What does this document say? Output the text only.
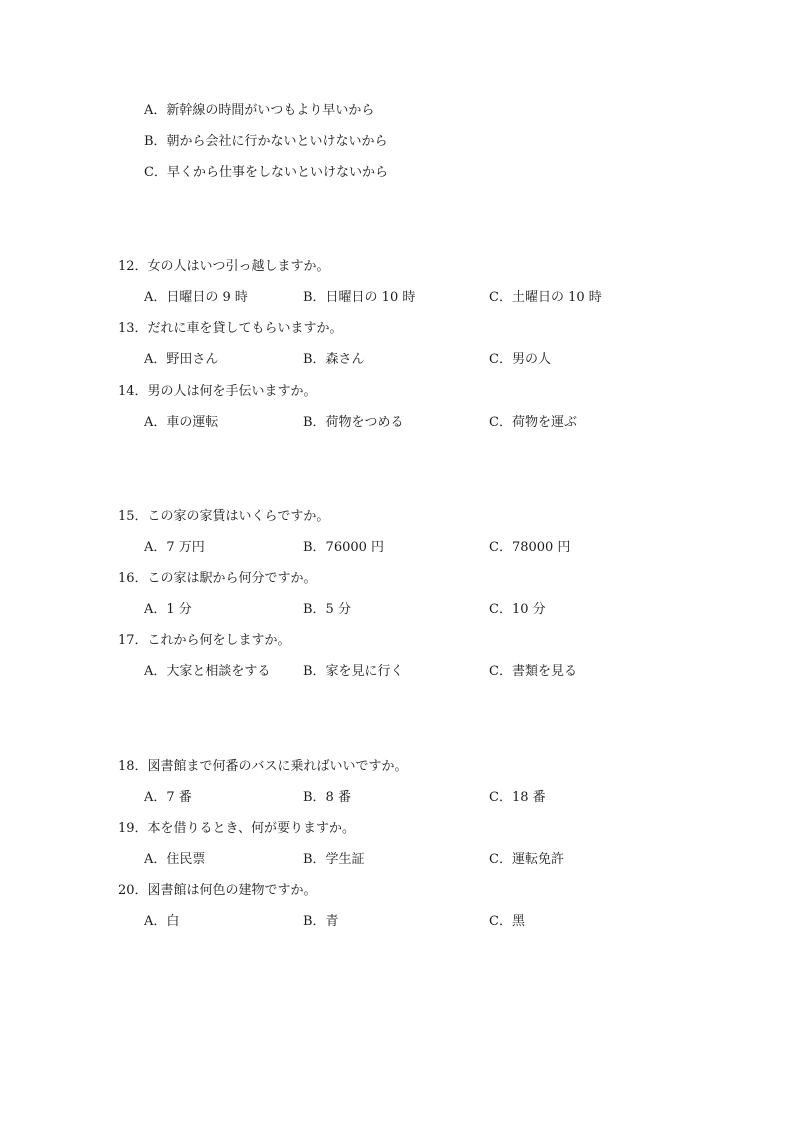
A．新幹線の時間がいつもより早いから
B．朝から会社に行かないといけないから
C．早くから仕事をしないといけないから
12．女の人はいつ引っ越しますか。
A．日曜日の 9 時	B．日曜日の 10 時	C．土曜日の 10 時
13．だれに車を貸してもらいますか。
A．野田さん	B．森さん	C．男の人
14．男の人は何を手伝いますか。
A．車の運転	B．荷物をつめる	C．荷物を運ぶ
15．この家の家賃はいくらですか。
A．7 万円	B．76000 円	C．78000 円
16．この家は駅から何分ですか。
A．1 分	B．5 分	C．10 分
17．これから何をしますか。
A．大家と相談をする	B．家を見に行く	C．書類を見る
18．図書館まで何番のバスに乗ればいいですか。
A．7 番	B．8 番	C．18 番
19．本を借りるとき、何が要りますか。
A．住民票	B．学生証	C．運転免許
20．図書館は何色の建物ですか。
A．白	B．青	C．黑
